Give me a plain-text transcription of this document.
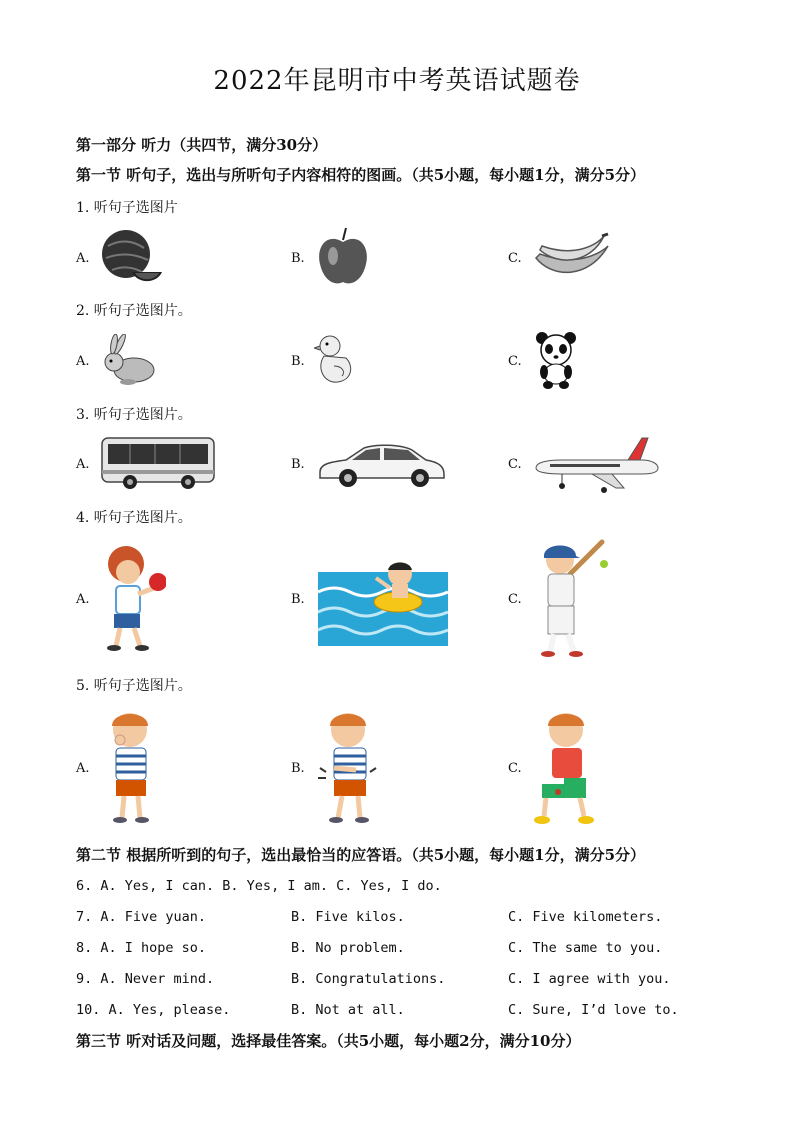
2022年昆明市中考英语试题卷
第一部分 听力（共四节，满分30分）
第一节 听句子，选出与所听句子内容相符的图画。（共5小题，每小题1分，满分5分）
1. 听句子选图片
A.	B.	C.
2. 听句子选图片。
A.	B.	C.
3. 听句子选图片。
A.	B.	C.
4. 听句子选图片。
A.	B.	C.
5. 听句子选图片。
A.	B.	C.
第二节 根据所听到的句子，选出最恰当的应答语。（共5小题，每小题1分，满分5分）
6. A. Yes, I can. B. Yes, I am. C. Yes, I do.
7. A. Five yuan.	B. Five kilos.	C. Five kilometers.
8. A. I hope so.	B. No problem.	C. The same to you.
9. A. Never mind.	B. Congratulations.	C. I agree with you.
10. A. Yes, please.	B. Not at all.	C. Sure, I’d love to.
第三节 听对话及问题，选择最佳答案。（共5小题，每小题2分，满分10分）
